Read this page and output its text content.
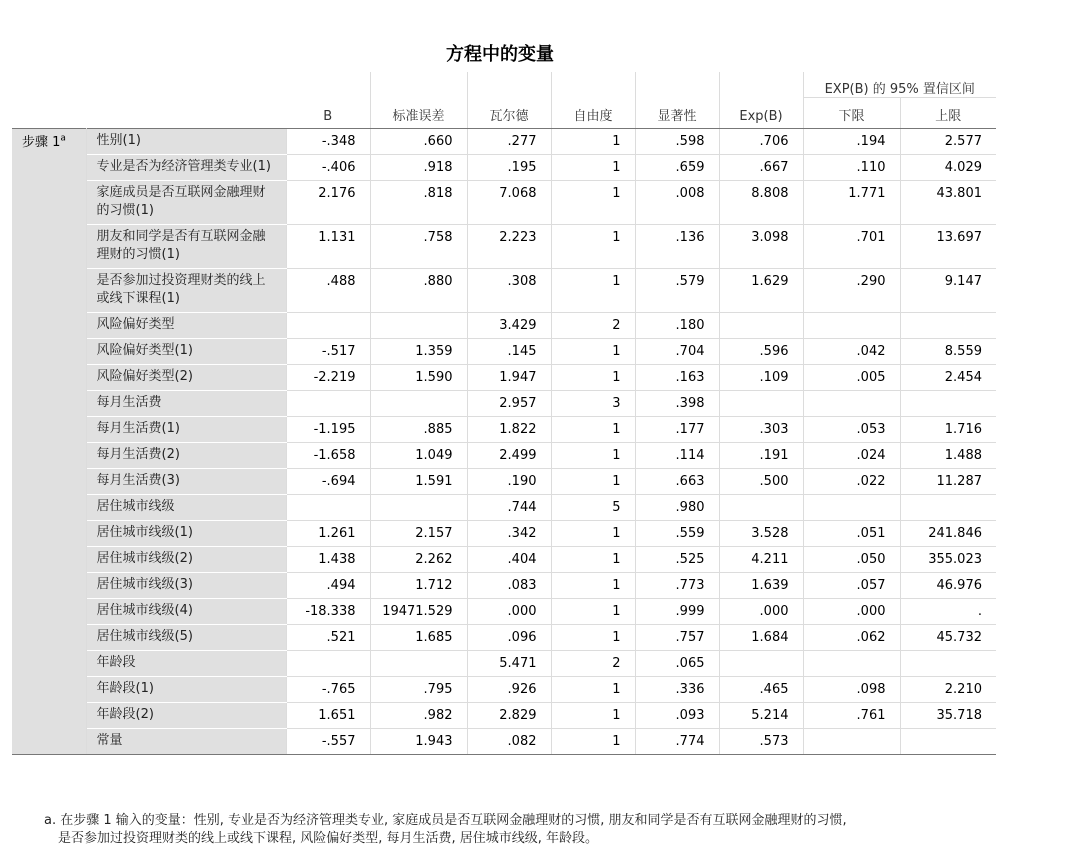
方程中的变量
								EXP(B) 的 95% 置信区间	
		B	标准误差	瓦尔德	自由度	显著性	Exp(B)	下限	上限
步骤 1$^a$	性别(1)	-.348	.660	.277	1	.598	.706	.194	2.577
	专业是否为经济管理类专业(1)	-.406	.918	.195	1	.659	.667	.110	4.029
	家庭成员是否互联网金融理财的习惯(1)	2.176	.818	7.068	1	.008	8.808	1.771	43.801
	朋友和同学是否有互联网金融理财的习惯(1)	1.131	.758	2.223	1	.136	3.098	.701	13.697
	是否参加过投资理财类的线上或线下课程(1)	.488	.880	.308	1	.579	1.629	.290	9.147
	风险偏好类型			3.429	2	.180			
	风险偏好类型(1)	-.517	1.359	.145	1	.704	.596	.042	8.559
	风险偏好类型(2)	-2.219	1.590	1.947	1	.163	.109	.005	2.454
	每月生活费			2.957	3	.398			
	每月生活费(1)	-1.195	.885	1.822	1	.177	.303	.053	1.716
	每月生活费(2)	-1.658	1.049	2.499	1	.114	.191	.024	1.488
	每月生活费(3)	-.694	1.591	.190	1	.663	.500	.022	11.287
	居住城市线级			.744	5	.980			
	居住城市线级(1)	1.261	2.157	.342	1	.559	3.528	.051	241.846
	居住城市线级(2)	1.438	2.262	.404	1	.525	4.211	.050	355.023
	居住城市线级(3)	.494	1.712	.083	1	.773	1.639	.057	46.976
	居住城市线级(4)	-18.338	19471.529	.000	1	.999	.000	.000	.
	居住城市线级(5)	.521	1.685	.096	1	.757	1.684	.062	45.732
	年龄段			5.471	2	.065			
	年龄段(1)	-.765	.795	.926	1	.336	.465	.098	2.210
	年龄段(2)	1.651	.982	2.829	1	.093	5.214	.761	35.718
	常量	-.557	1.943	.082	1	.774	.573		
a. 在步骤 1 输入的变量：性别, 专业是否为经济管理类专业, 家庭成员是否互联网金融理财的习惯, 朋友和同学是否有互联网金融理财的习惯,
是否参加过投资理财类的线上或线下课程, 风险偏好类型, 每月生活费, 居住城市线级, 年龄段。
